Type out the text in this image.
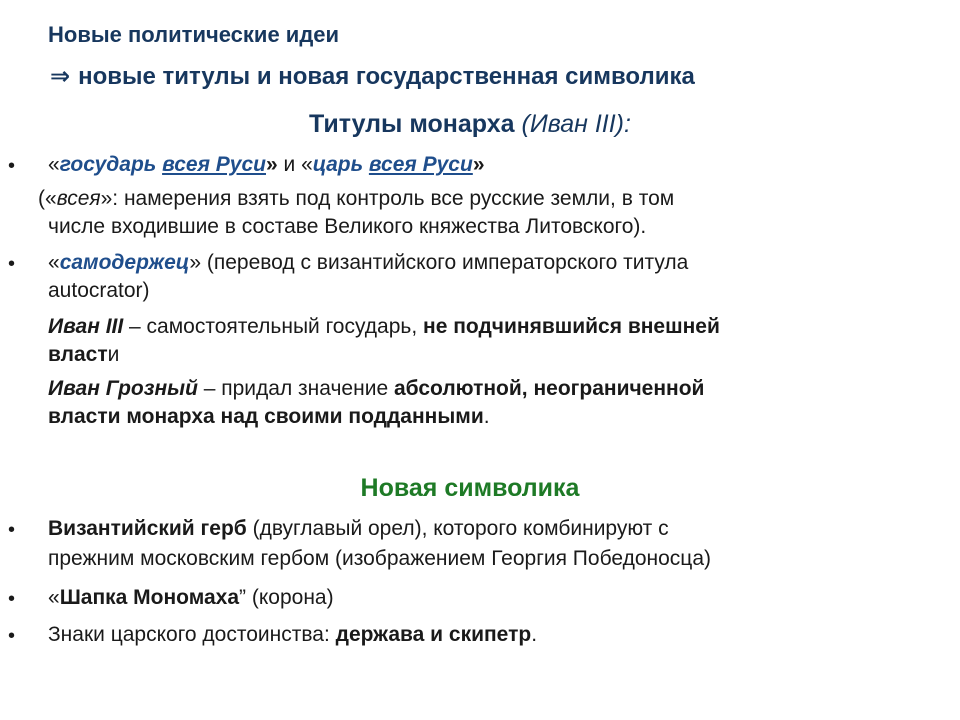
Новые политические идеи
⇒ новые титулы и новая государственная символика
Титулы монарха (Иван III):
• «государь всея Руси» и «царь всея Руси»
(«всея»: намерения взять под контроль все русские земли, в том
числе входившие в составе Великого княжества Литовского).
• «самодержец» (перевод с византийского императорского титула
autocrator)
Иван III – самостоятельный государь, не подчинявшийся внешней
власти
Иван Грозный – придал значение абсолютной, неограниченной
власти монарха над своими подданными.
Новая символика
• Византийский герб (двуглавый орел), которого комбинируют с
прежним московским гербом (изображением Георгия Победоносца)
• «Шапка Мономаха” (корона)
• Знаки царского достоинства: держава и скипетр.
